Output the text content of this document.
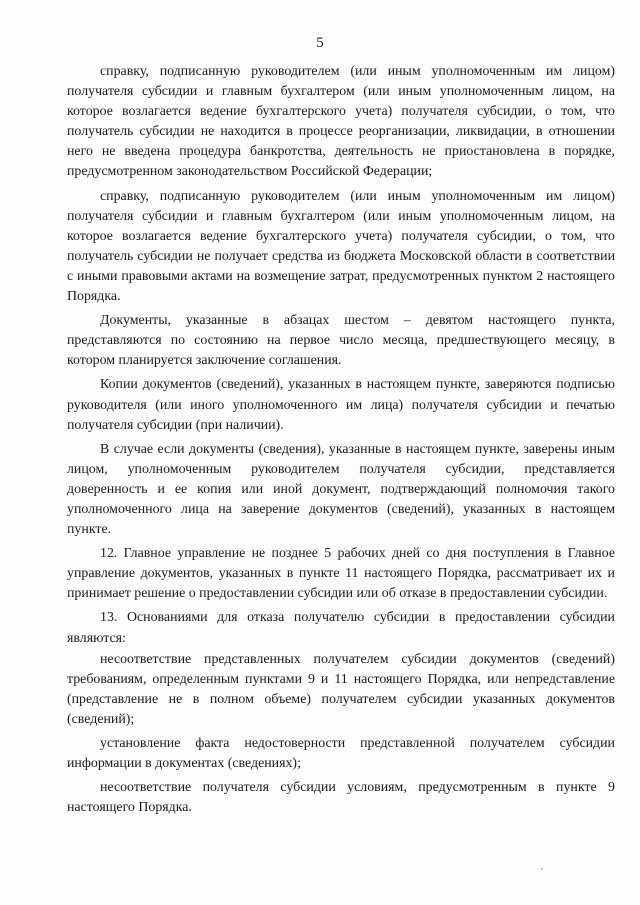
5

справку, подписанную руководителем (или иным уполномоченным им лицом) получателя субсидии и главным бухгалтером (или иным уполномоченным лицом, на которое возлагается ведение бухгалтерского учета) получателя субсидии, о том, что получатель субсидии не находится в процессе реорганизации, ликвидации, в отношении него не введена процедура банкротства, деятельность не приостановлена в порядке, предусмотренном законодательством Российской Федерации;

справку, подписанную руководителем (или иным уполномоченным им лицом) получателя субсидии и главным бухгалтером (или иным уполномоченным лицом, на которое возлагается ведение бухгалтерского учета) получателя субсидии, о том, что получатель субсидии не получает средства из бюджета Московской области в соответствии с иными правовыми актами на возмещение затрат, предусмотренных пунктом 2 настоящего Порядка.

Документы, указанные в абзацах шестом – девятом настоящего пункта, представляются по состоянию на первое число месяца, предшествующего месяцу, в котором планируется заключение соглашения.

Копии документов (сведений), указанных в настоящем пункте, заверяются подписью руководителя (или иного уполномоченного им лица) получателя субсидии и печатью получателя субсидии (при наличии).

В случае если документы (сведения), указанные в настоящем пункте, заверены иным лицом, уполномоченным руководителем получателя субсидии, представляется доверенность и ее копия или иной документ, подтверждающий полномочия такого уполномоченного лица на заверение документов (сведений), указанных в настоящем пункте.

12. Главное управление не позднее 5 рабочих дней со дня поступления в Главное управление документов, указанных в пункте 11 настоящего Порядка, рассматривает их и принимает решение о предоставлении субсидии или об отказе в предоставлении субсидии.

13. Основаниями для отказа получателю субсидии в предоставлении субсидии являются:

несоответствие представленных получателем субсидии документов (сведений) требованиям, определенным пунктами 9 и 11 настоящего Порядка, или непредставление (представление не в полном объеме) получателем субсидии указанных документов (сведений);

установление факта недостоверности представленной получателем субсидии информации в документах (сведениях);

несоответствие получателя субсидии условиям, предусмотренным в пункте 9 настоящего Порядка.
